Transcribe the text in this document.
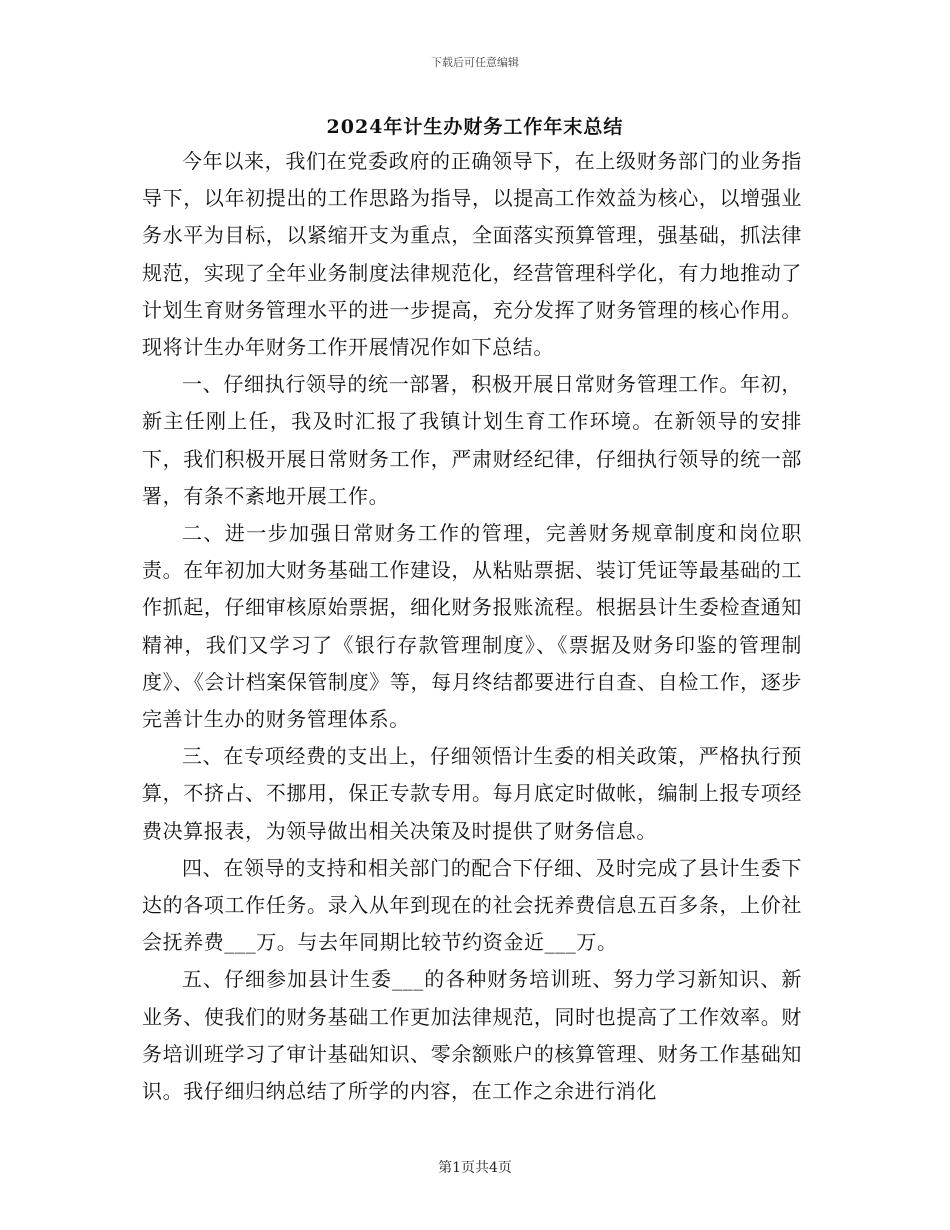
下载后可任意编辑
2024年计生办财务工作年末总结

今年以来，我们在党委政府的正确领导下，在上级财务部门的业务指导下，以年初提出的工作思路为指导，以提高工作效益为核心，以增强业务水平为目标，以紧缩开支为重点，全面落实预算管理，强基础，抓法律规范，实现了全年业务制度法律规范化，经营管理科学化，有力地推动了计划生育财务管理水平的进一步提高，充分发挥了财务管理的核心作用。现将计生办年财务工作开展情况作如下总结。

一、仔细执行领导的统一部署，积极开展日常财务管理工作。年初，新主任刚上任，我及时汇报了我镇计划生育工作环境。在新领导的安排下，我们积极开展日常财务工作，严肃财经纪律，仔细执行领导的统一部署，有条不紊地开展工作。

二、进一步加强日常财务工作的管理，完善财务规章制度和岗位职责。在年初加大财务基础工作建设，从粘贴票据、装订凭证等最基础的工作抓起，仔细审核原始票据，细化财务报账流程。根据县计生委检查通知精神，我们又学习了《银行存款管理制度》、《票据及财务印鉴的管理制度》、《会计档案保管制度》等，每月终结都要进行自查、自检工作，逐步完善计生办的财务管理体系。

三、在专项经费的支出上，仔细领悟计生委的相关政策，严格执行预算，不挤占、不挪用，保正专款专用。每月底定时做帐，编制上报专项经费决算报表，为领导做出相关决策及时提供了财务信息。

四、在领导的支持和相关部门的配合下仔细、及时完成了县计生委下达的各项工作任务。录入从年到现在的社会抚养费信息五百多条，上价社会抚养费___万。与去年同期比较节约资金近___万。

五、仔细参加县计生委___的各种财务培训班、努力学习新知识、新业务、使我们的财务基础工作更加法律规范，同时也提高了工作效率。财务培训班学习了审计基础知识、零余额账户的核算管理、财务工作基础知识。我仔细归纳总结了所学的内容，在工作之余进行消化

第1页共4页
